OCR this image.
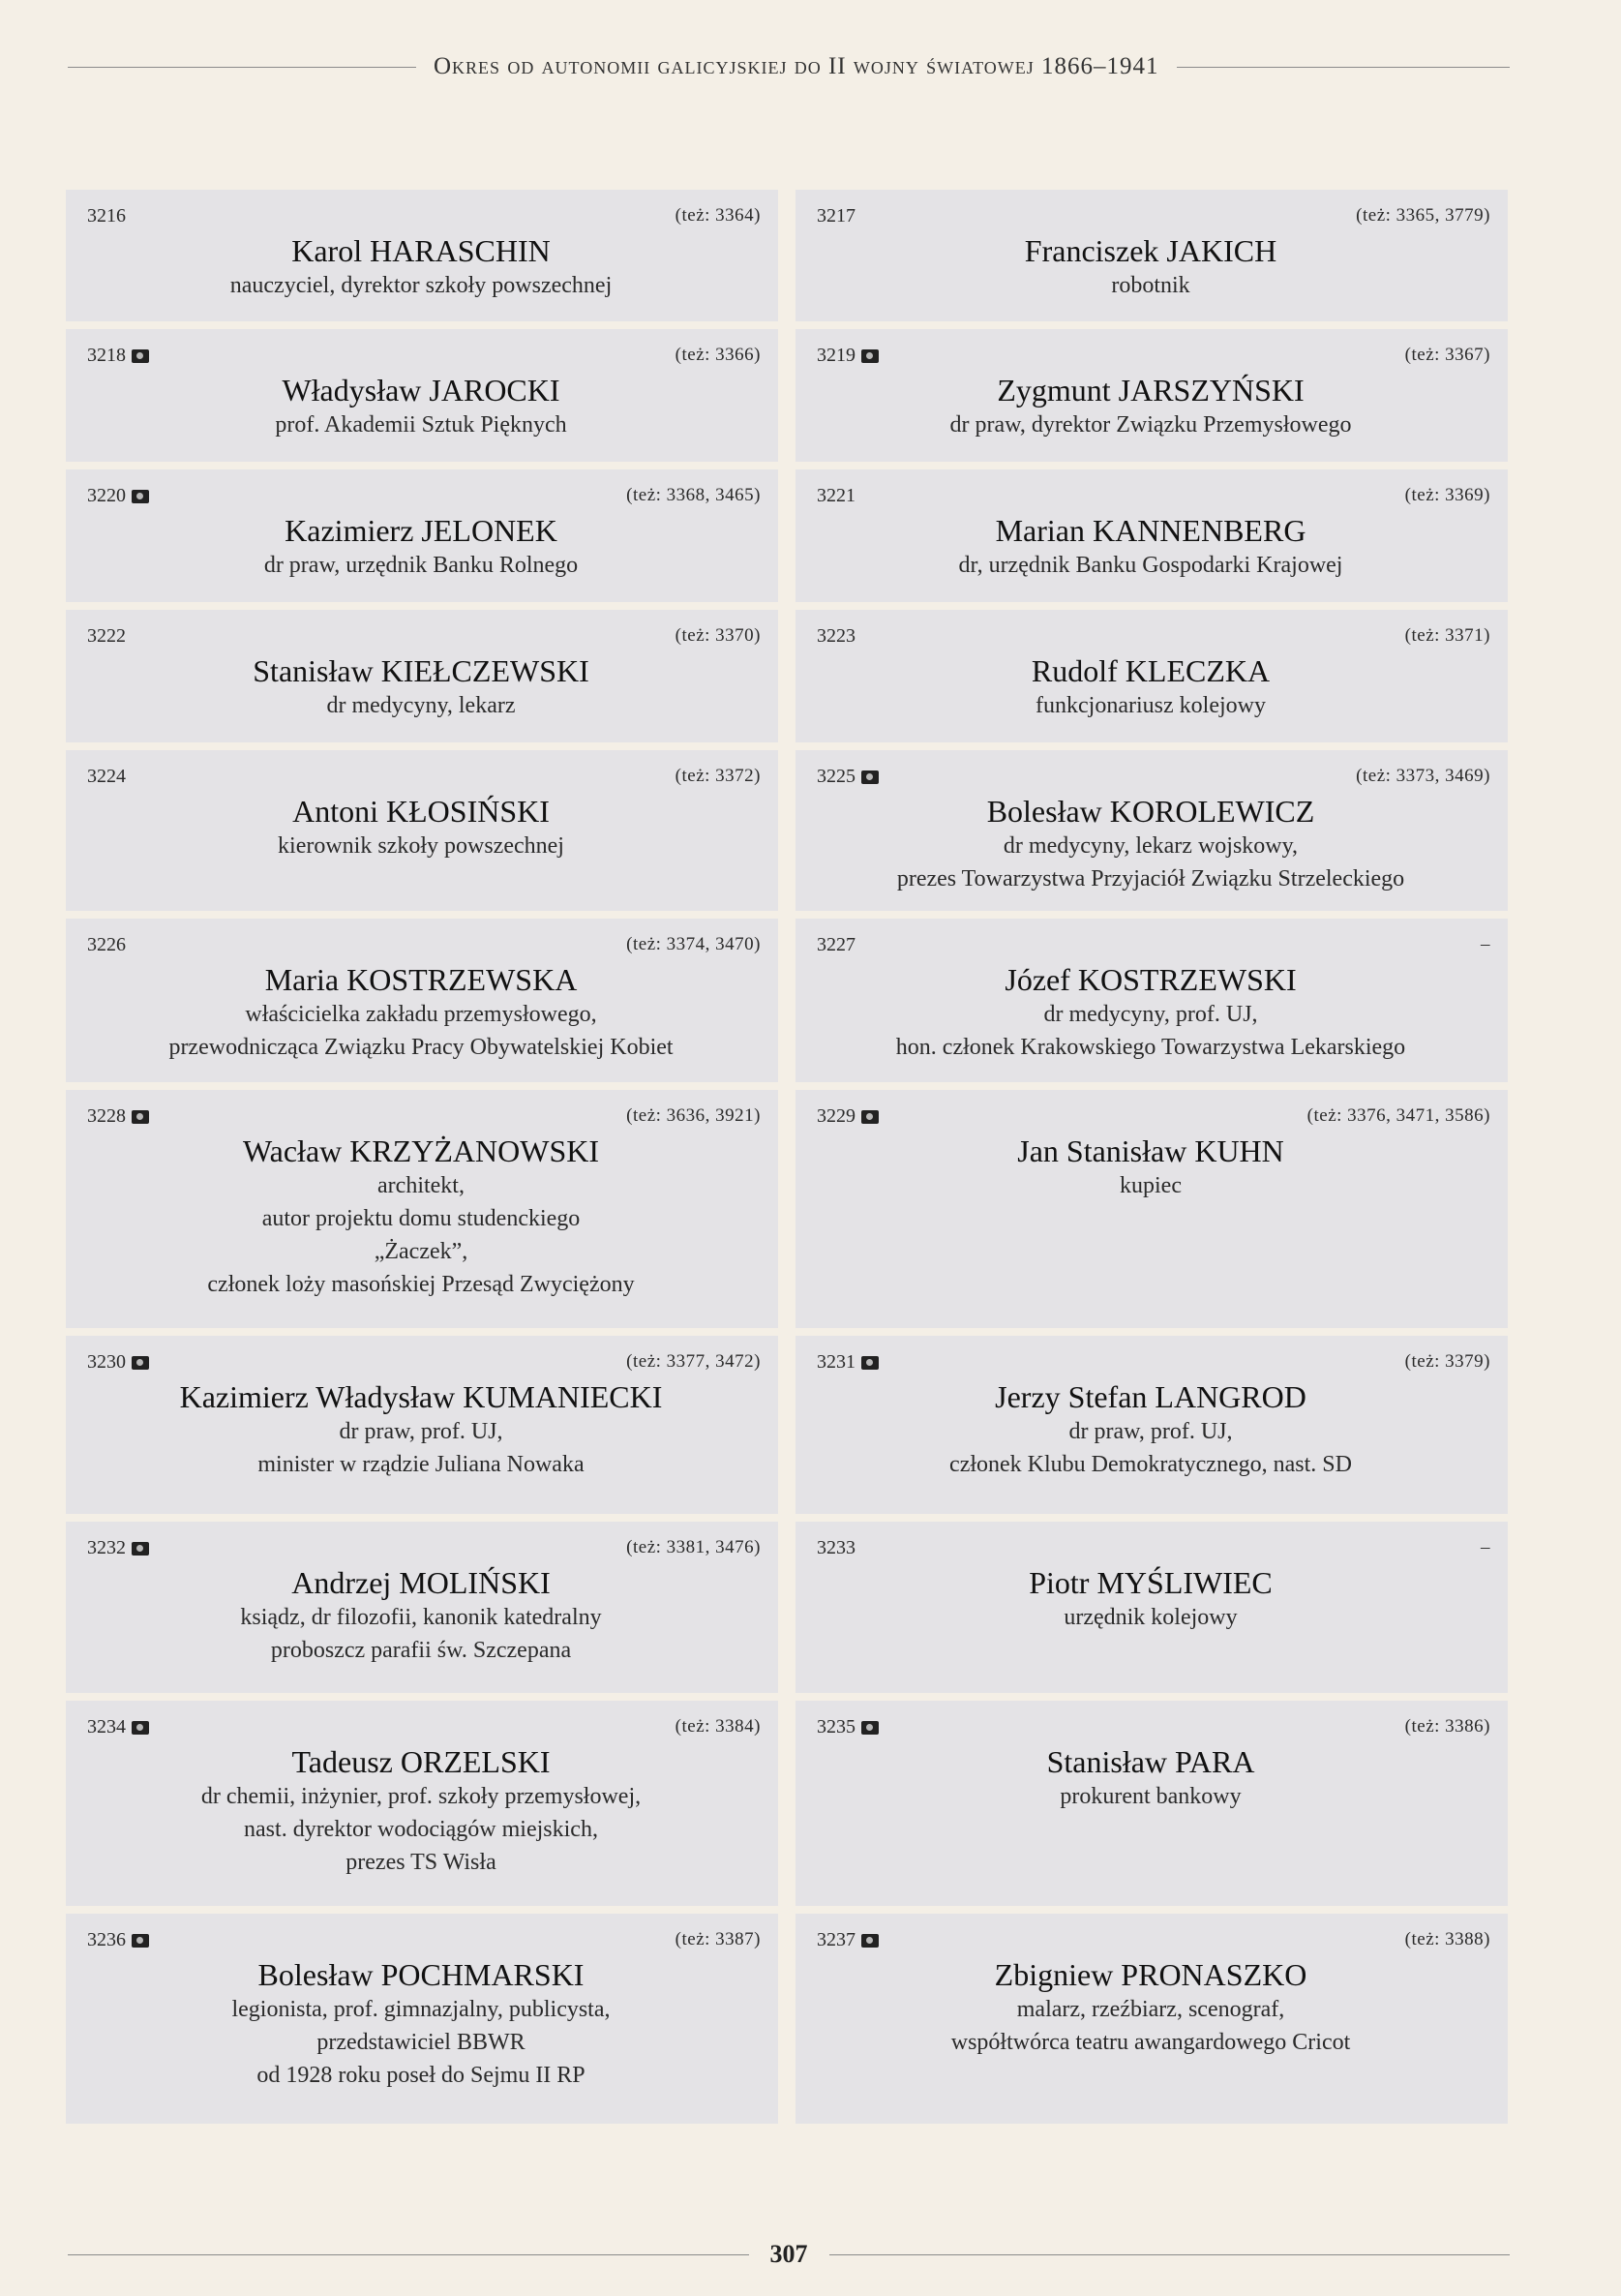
Okres od autonomii galicyjskiej do II wojny światowej 1866–1941
3216	(też: 3364)
Karol HARASCHIN
nauczyciel, dyrektor szkoły powszechnej
3217	(też: 3365, 3779)
Franciszek JAKICH
robotnik
3218	(też: 3366)
Władysław JAROCKI
prof. Akademii Sztuk Pięknych
3219	(też: 3367)
Zygmunt JARSZYŃSKI
dr praw, dyrektor Związku Przemysłowego
3220	(też: 3368, 3465)
Kazimierz JELONEK
dr praw, urzędnik Banku Rolnego
3221	(też: 3369)
Marian KANNENBERG
dr, urzędnik Banku Gospodarki Krajowej
3222	(też: 3370)
Stanisław KIEŁCZEWSKI
dr medycyny, lekarz
3223	(też: 3371)
Rudolf KLECZKA
funkcjonariusz kolejowy
3224	(też: 3372)
Antoni KŁOSIŃSKI
kierownik szkoły powszechnej
3225	(też: 3373, 3469)
Bolesław KOROLEWICZ
dr medycyny, lekarz wojskowy,
prezes Towarzystwa Przyjaciół Związku Strzeleckiego
3226	(też: 3374, 3470)
Maria KOSTRZEWSKA
właścicielka zakładu przemysłowego,
przewodnicząca Związku Pracy Obywatelskiej Kobiet
3227	–
Józef KOSTRZEWSKI
dr medycyny, prof. UJ,
hon. członek Krakowskiego Towarzystwa Lekarskiego
3228	(też: 3636, 3921)
Wacław KRZYŻANOWSKI
architekt,
autor projektu domu studenckiego
„Żaczek”,
członek loży masońskiej Przesąd Zwyciężony
3229	(też: 3376, 3471, 3586)
Jan Stanisław KUHN
kupiec
3230	(też: 3377, 3472)
Kazimierz Władysław KUMANIECKI
dr praw, prof. UJ,
minister w rządzie Juliana Nowaka
3231	(też: 3379)
Jerzy Stefan LANGROD
dr praw, prof. UJ,
członek Klubu Demokratycznego, nast. SD
3232	(też: 3381, 3476)
Andrzej MOLIŃSKI
ksiądz, dr filozofii, kanonik katedralny
proboszcz parafii św. Szczepana
3233	–
Piotr MYŚLIWIEC
urzędnik kolejowy
3234	(też: 3384)
Tadeusz ORZELSKI
dr chemii, inżynier, prof. szkoły przemysłowej,
nast. dyrektor wodociągów miejskich,
prezes TS Wisła
3235	(też: 3386)
Stanisław PARA
prokurent bankowy
3236	(też: 3387)
Bolesław POCHMARSKI
legionista, prof. gimnazjalny, publicysta,
przedstawiciel BBWR
od 1928 roku poseł do Sejmu II RP
3237	(też: 3388)
Zbigniew PRONASZKO
malarz, rzeźbiarz, scenograf,
współtwórca teatru awangardowego Cricot
307
